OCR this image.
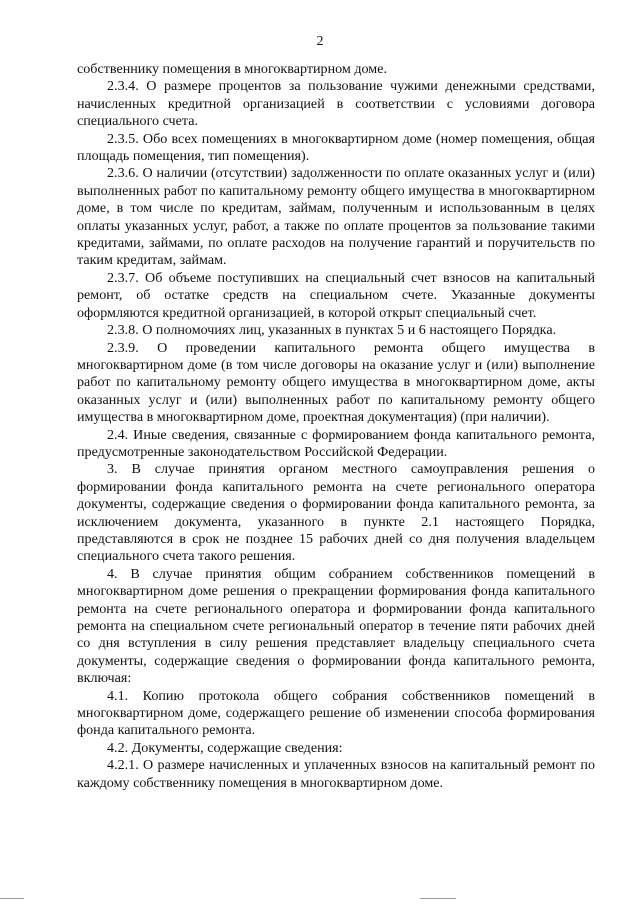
2

собственнику помещения в многоквартирном доме.

2.3.4. О размере процентов за пользование чужими денежными средствами, начисленных кредитной организацией в соответствии с условиями договора специального счета.

2.3.5. Обо всех помещениях в многоквартирном доме (номер помещения, общая площадь помещения, тип помещения).

2.3.6. О наличии (отсутствии) задолженности по оплате оказанных услуг и (или) выполненных работ по капитальному ремонту общего имущества в многоквартирном доме, в том числе по кредитам, займам, полученным и использованным в целях оплаты указанных услуг, работ, а также по оплате процентов за пользование такими кредитами, займами, по оплате расходов на получение гарантий и поручительств по таким кредитам, займам.

2.3.7. Об объеме поступивших на специальный счет взносов на капитальный ремонт, об остатке средств на специальном счете. Указанные документы оформляются кредитной организацией, в которой открыт специальный счет.

2.3.8. О полномочиях лиц, указанных в пунктах 5 и 6 настоящего Порядка.

2.3.9. О проведении капитального ремонта общего имущества в многоквартирном доме (в том числе договоры на оказание услуг и (или) выполнение работ по капитальному ремонту общего имущества в многоквартирном доме, акты оказанных услуг и (или) выполненных работ по капитальному ремонту общего имущества в многоквартирном доме, проектная документация) (при наличии).

2.4. Иные сведения, связанные с формированием фонда капитального ремонта, предусмотренные законодательством Российской Федерации.

3. В случае принятия органом местного самоуправления решения о формировании фонда капитального ремонта на счете регионального оператора документы, содержащие сведения о формировании фонда капитального ремонта, за исключением документа, указанного в пункте 2.1 настоящего Порядка, представляются в срок не позднее 15 рабочих дней со дня получения владельцем специального счета такого решения.

4. В случае принятия общим собранием собственников помещений в многоквартирном доме решения о прекращении формирования фонда капитального ремонта на счете регионального оператора и формировании фонда капитального ремонта на специальном счете региональный оператор в течение пяти рабочих дней со дня вступления в силу решения представляет владельцу специального счета документы, содержащие сведения о формировании фонда капитального ремонта, включая:

4.1. Копию протокола общего собрания собственников помещений в многоквартирном доме, содержащего решение об изменении способа формирования фонда капитального ремонта.

4.2. Документы, содержащие сведения:

4.2.1. О размере начисленных и уплаченных взносов на капитальный ремонт по каждому собственнику помещения в многоквартирном доме.
